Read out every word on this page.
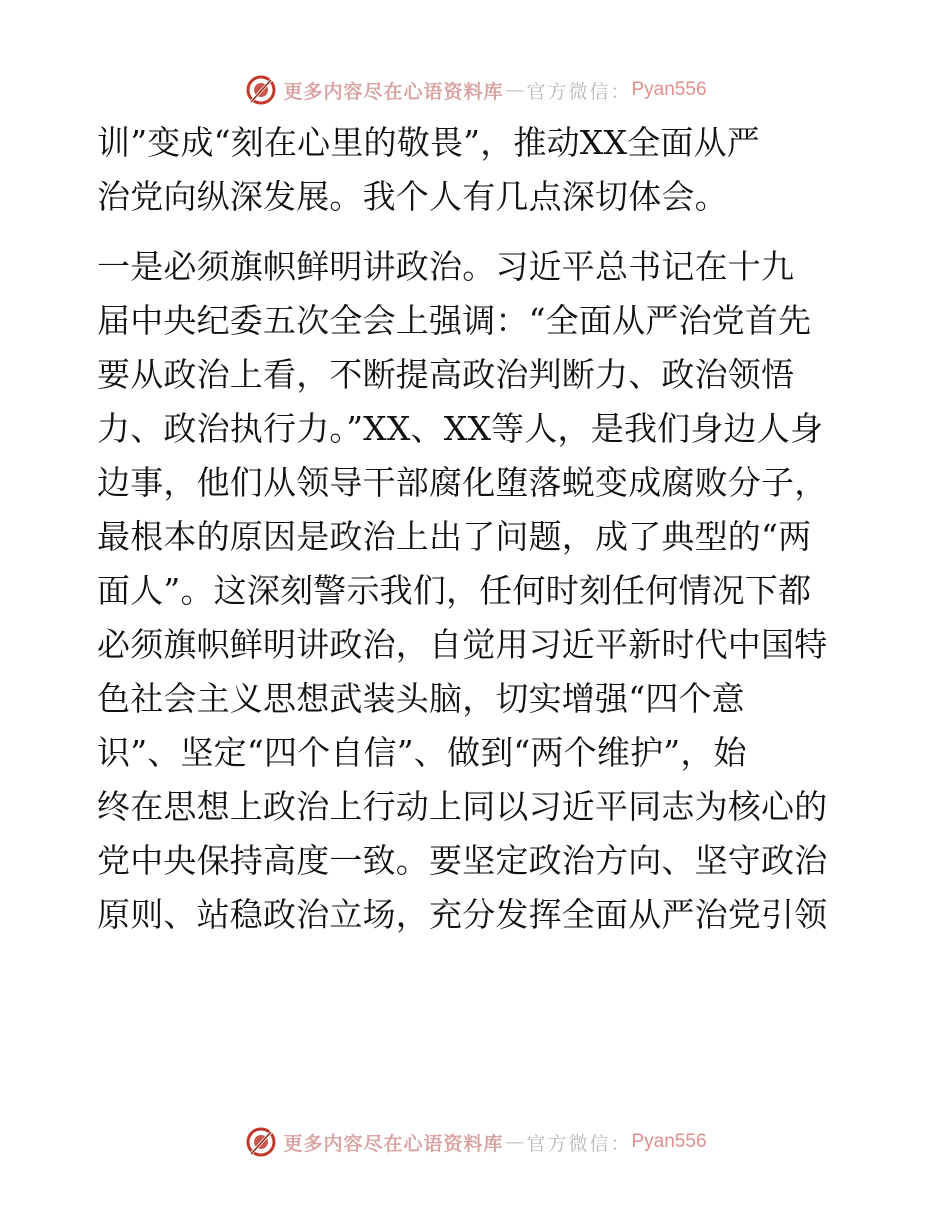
更多内容尽在心语资料库 — 官方微信： Pyan556
训”变成“刻在心里的敬畏”，推动XX全面从严
治党向纵深发展。我个人有几点深切体会。
一是必须旗帜鲜明讲政治。习近平总书记在十九
届中央纪委五次全会上强调：“全面从严治党首先
要从政治上看，不断提高政治判断力、政治领悟
力、政治执行力。”XX、XX等人，是我们身边人身
边事，他们从领导干部腐化堕落蜕变成腐败分子，
最根本的原因是政治上出了问题，成了典型的“两
面人”。这深刻警示我们，任何时刻任何情况下都
必须旗帜鲜明讲政治，自觉用习近平新时代中国特
色社会主义思想武装头脑，切实增强“四个意
识”、坚定“四个自信”、做到“两个维护”，始
终在思想上政治上行动上同以习近平同志为核心的
党中央保持高度一致。要坚定政治方向、坚守政治
原则、站稳政治立场，充分发挥全面从严治党引领
更多内容尽在心语资料库 — 官方微信： Pyan556
